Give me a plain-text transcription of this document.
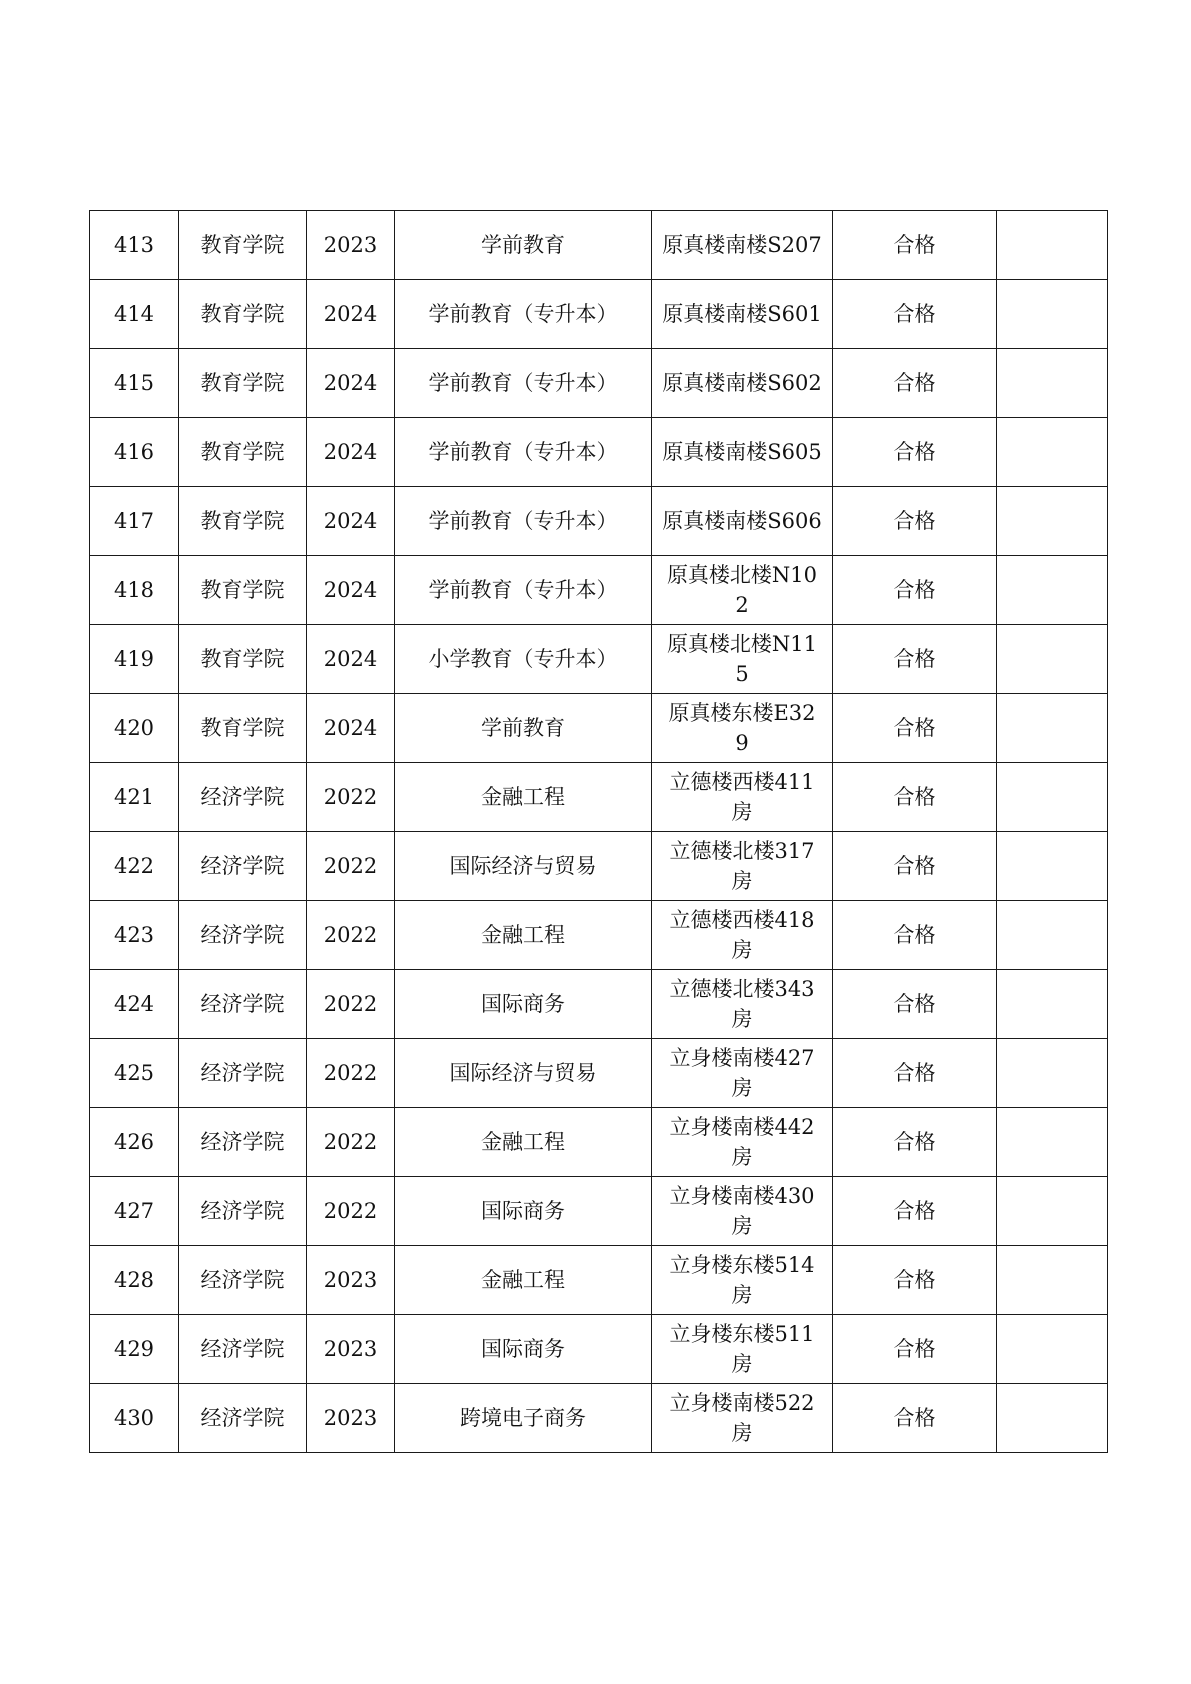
413	教育学院	2023	学前教育	原真楼南楼S207	合格	
414	教育学院	2024	学前教育（专升本）	原真楼南楼S601	合格	
415	教育学院	2024	学前教育（专升本）	原真楼南楼S602	合格	
416	教育学院	2024	学前教育（专升本）	原真楼南楼S605	合格	
417	教育学院	2024	学前教育（专升本）	原真楼南楼S606	合格	
418	教育学院	2024	学前教育（专升本）	原真楼北楼N102	合格	
419	教育学院	2024	小学教育（专升本）	原真楼北楼N115	合格	
420	教育学院	2024	学前教育	原真楼东楼E329	合格	
421	经济学院	2022	金融工程	立德楼西楼411房	合格	
422	经济学院	2022	国际经济与贸易	立德楼北楼317房	合格	
423	经济学院	2022	金融工程	立德楼西楼418房	合格	
424	经济学院	2022	国际商务	立德楼北楼343房	合格	
425	经济学院	2022	国际经济与贸易	立身楼南楼427房	合格	
426	经济学院	2022	金融工程	立身楼南楼442房	合格	
427	经济学院	2022	国际商务	立身楼南楼430房	合格	
428	经济学院	2023	金融工程	立身楼东楼514房	合格	
429	经济学院	2023	国际商务	立身楼东楼511房	合格	
430	经济学院	2023	跨境电子商务	立身楼南楼522房	合格	
